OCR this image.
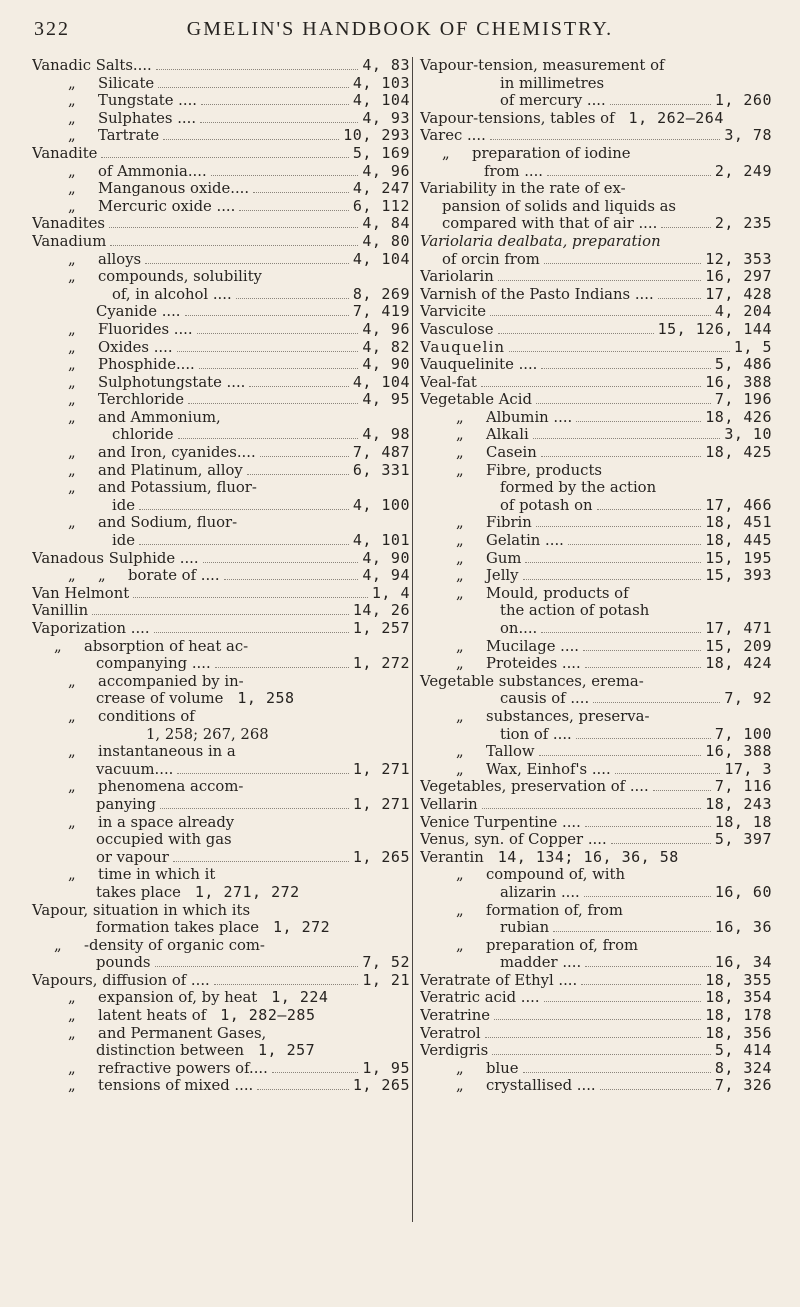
322	GMELIN'S HANDBOOK OF CHEMISTRY.
Vanadic Salts....	4, 83
„	Silicate	4, 103
„	Tungstate ....	4, 104
„	Sulphates ....	4, 93
„	Tartrate	10, 293
Vanadite	5, 169
„	of Ammonia....	4, 96
„	Manganous oxide....	4, 247
„	Mercuric oxide ....	6, 112
Vanadites	4, 84
Vanadium	4, 80
„	alloys	4, 104
„ compounds, solubility
of, in alcohol ....	8, 269
Cyanide ....	7, 419
„	Fluorides ....	4, 96
„	Oxides ....	4, 82
„	Phosphide....	4, 90
„	Sulphotungstate ....	4, 104
„	Terchloride	4, 95
„ and Ammonium,
chloride	4, 98
„	and Iron, cyanides....	7, 487
„	and Platinum, alloy	6, 331
„ and Potassium, fluor-
ide	4, 100
„ and Sodium, fluor-
ide	4, 101
Vanadous Sulphide ....	4, 90
„	„	borate of ....	4, 94
Van Helmont	1, 4
Vanillin	14, 26
Vaporization ....	1, 257
„ absorption of heat ac-
companying ....	1, 272
„ accompanied by in-
crease of volume 1, 258
„ conditions of
1, 258; 267, 268
„ instantaneous in a
vacuum....	1, 271
„ phenomena accom-
panying	1, 271
„ in a space already
occupied with gas
or vapour	1, 265
„ time in which it
takes place 1, 271, 272
Vapour, situation in which its
formation takes place 1, 272
„ -density of organic com-
pounds	7, 52
Vapours, diffusion of ....	1, 21
„	expansion of, by heat 1, 224
„	latent heats of 1, 282—285
„ and Permanent Gases,
distinction between 1, 257
„	refractive powers of....	1, 95
„	tensions of mixed ....	1, 265
Vapour-tension, measurement of
in millimetres
of mercury ....	1, 260
Vapour-tensions, tables of 1, 262—264
Varec ....	3, 78
„ preparation of iodine
from ....	2, 249
Variability in the rate of ex-
pansion of solids and liquids as
compared with that of air ....	2, 235
Variolaria dealbata, preparation
of orcin from	12, 353
Variolarin	16, 297
Varnish of the Pasto Indians ....	17, 428
Varvicite	4, 204
Vasculose	15, 126, 144
Vauquelin	1, 5
Vauquelinite ....	5, 486
Veal-fat	16, 388
Vegetable Acid	7, 196
„	Albumin ....	18, 426
„	Alkali	3, 10
„	Casein	18, 425
„ Fibre, products
formed by the action
of potash on	17, 466
„	Fibrin	18, 451
„	Gelatin ....	18, 445
„	Gum	15, 195
„	Jelly	15, 393
„ Mould, products of
the action of potash
on....	17, 471
„	Mucilage ....	15, 209
„	Proteides ....	18, 424
Vegetable substances, erema-
causis of ....	7, 92
„ substances, preserva-
tion of ....	7, 100
„	Tallow	16, 388
„	Wax, Einhof's ....	17, 3
Vegetables, preservation of ....	7, 116
Vellarin	18, 243
Venice Turpentine ....	18, 18
Venus, syn. of Copper ....	5, 397
Verantin 14, 134; 16, 36, 58
„ compound of, with
alizarin ....	16, 60
„ formation of, from
rubian	16, 36
„ preparation of, from
madder ....	16, 34
Veratrate of Ethyl ....	18, 355
Veratric acid ....	18, 354
Veratrine	18, 178
Veratrol	18, 356
Verdigris	5, 414
„	blue	8, 324
„	crystallised ....	7, 326
